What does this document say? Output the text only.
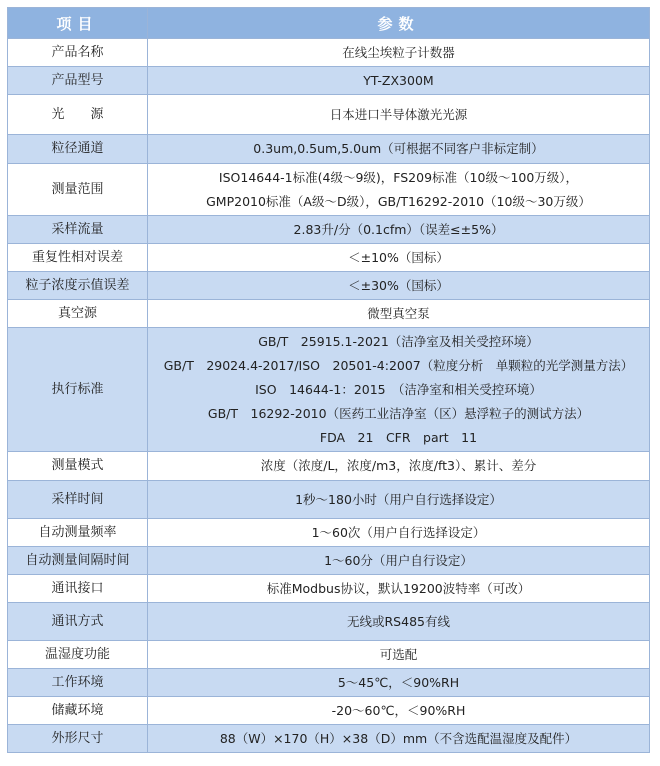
项目	参数
产品名称	在线尘埃粒子计数器
产品型号	YT-ZX300M
光　　源	日本进口半导体激光光源
粒径通道	0.3um,0.5um,5.0um（可根据不同客户非标定制）
测量范围	ISO14644-1标准(4级～9级)，FS209标准（10级～100万级），
GMP2010标准（A级～D级），GB/T16292-2010（10级～30万级）

采样流量	2.83升/分（0.1cfm）（误差≤±5%）
重复性相对误差	＜±10%（国标）
粒子浓度示值误差	＜±30%（国标）
真空源	微型真空泵
执行标准	GB/T　25915.1-2021（洁净室及相关受控环境）
GB/T　29024.4-2017/ISO　20501-4:2007（粒度分析　单颗粒的光学测量方法）
ISO　14644-1：2015　（洁净室和相关受控环境）
GB/T　16292-2010（医药工业洁净室（区）悬浮粒子的测试方法）
FDA　21　CFR　part　11

测量模式	浓度（浓度/L，浓度/m3，浓度/ft3）、累计、差分
采样时间	1秒～180小时（用户自行选择设定）
自动测量频率	1～60次（用户自行选择设定）
自动测量间隔时间	1～60分（用户自行设定）
通讯接口	标准Modbus协议，默认19200波特率（可改）
通讯方式	无线或RS485有线
温湿度功能	可选配
工作环境	5～45℃，＜90%RH
储藏环境	-20～60℃，＜90%RH
外形尺寸	88（W）×170（H）×38（D）mm（不含选配温湿度及配件）
